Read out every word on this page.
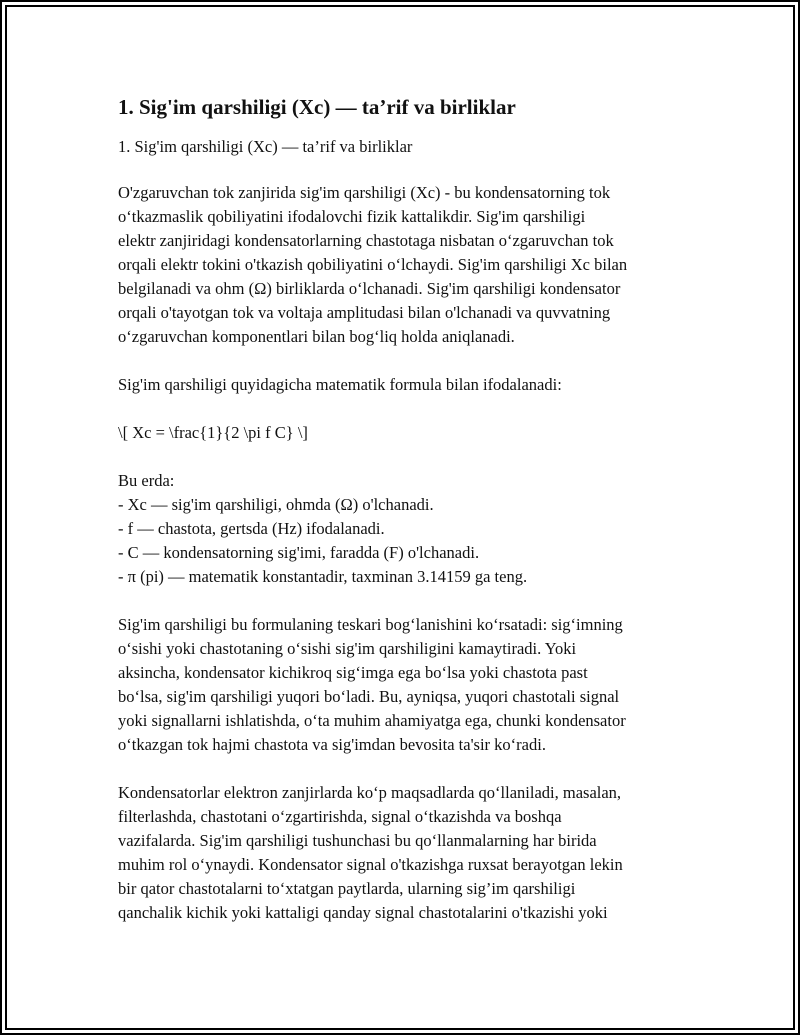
1. Sig'im qarshiligi (Xc) — ta’rif va birliklar
1. Sig'im qarshiligi (Xc) — ta’rif va birliklar

O'zgaruvchan tok zanjirida sig'im qarshiligi (Xc) - bu kondensatorning tok
o‘tkazmaslik qobiliyatini ifodalovchi fizik kattalikdir. Sig'im qarshiligi
elektr zanjiridagi kondensatorlarning chastotaga nisbatan o‘zgaruvchan tok
orqali elektr tokini o'tkazish qobiliyatini o‘lchaydi. Sig'im qarshiligi Xc bilan
belgilanadi va ohm (Ω) birliklarda o‘lchanadi. Sig'im qarshiligi kondensator
orqali o'tayotgan tok va voltaja amplitudasi bilan o'lchanadi va quvvatning
o‘zgaruvchan komponentlari bilan bog‘liq holda aniqlanadi.

Sig'im qarshiligi quyidagicha matematik formula bilan ifodalanadi:

\[ Xc = \frac{1}{2 \pi f C} \]
Bu erda:
- Xc — sig'im qarshiligi, ohmda (Ω) o'lchanadi.
- f — chastota, gertsda (Hz) ifodalanadi.
- C — kondensatorning sig'imi, faradda (F) o'lchanadi.
- π (pi) — matematik konstantadir, taxminan 3.14159 ga teng.

Sig'im qarshiligi bu formulaning teskari bog‘lanishini ko‘rsatadi: sig‘imning
o‘sishi yoki chastotaning o‘sishi sig'im qarshiligini kamaytiradi. Yoki
aksincha, kondensator kichikroq sig‘imga ega bo‘lsa yoki chastota past
bo‘lsa, sig'im qarshiligi yuqori bo‘ladi. Bu, ayniqsa, yuqori chastotali signal
yoki signallarni ishlatishda, o‘ta muhim ahamiyatga ega, chunki kondensator
o‘tkazgan tok hajmi chastota va sig'imdan bevosita ta'sir ko‘radi.

Kondensatorlar elektron zanjirlarda ko‘p maqsadlarda qo‘llaniladi, masalan,
filterlashda, chastotani o‘zgartirishda, signal o‘tkazishda va boshqa
vazifalarda. Sig'im qarshiligi tushunchasi bu qo‘llanmalarning har birida
muhim rol o‘ynaydi. Kondensator signal o'tkazishga ruxsat berayotgan lekin
bir qator chastotalarni to‘xtatgan paytlarda, ularning sig’im qarshiligi
qanchalik kichik yoki kattaligi qanday signal chastotalarini o'tkazishi yoki
